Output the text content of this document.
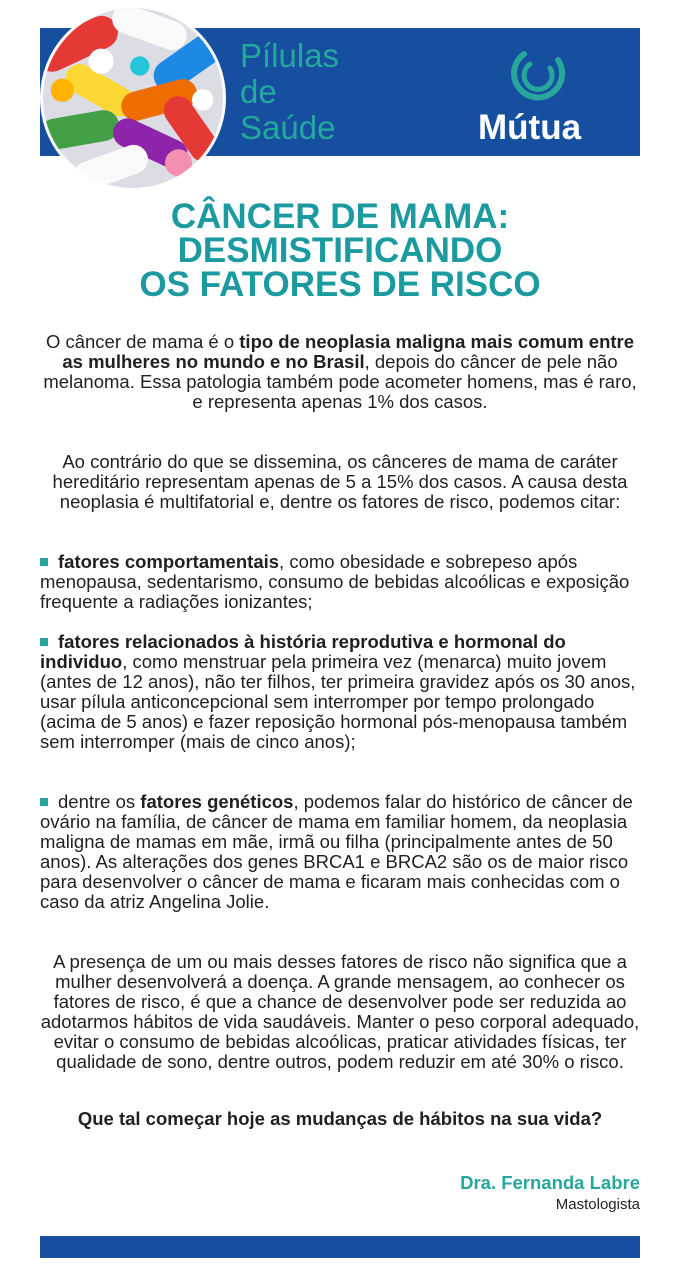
Pílulas
de
Saúde	Mútua
CÂNCER DE MAMA:
DESMISTIFICANDO
OS FATORES DE RISCO

O câncer de mama é o tipo de neoplasia maligna mais comum entre as mulheres no mundo e no Brasil, depois do câncer de pele não melanoma. Essa patologia também pode acometer homens, mas é raro, e representa apenas 1% dos casos.

Ao contrário do que se dissemina, os cânceres de mama de caráter hereditário representam apenas de 5 a 15% dos casos. A causa desta neoplasia é multifatorial e, dentre os fatores de risco, podemos citar:

fatores comportamentais, como obesidade e sobrepeso após menopausa, sedentarismo, consumo de bebidas alcoólicas e exposição frequente a radiações ionizantes;

fatores relacionados à história reprodutiva e hormonal do individuo, como menstruar pela primeira vez (menarca) muito jovem (antes de 12 anos), não ter filhos, ter primeira gravidez após os 30 anos, usar pílula anticoncepcional sem interromper por tempo prolongado (acima de 5 anos) e fazer reposição hormonal pós-menopausa também sem interromper (mais de cinco anos);

dentre os fatores genéticos, podemos falar do histórico de câncer de ovário na família, de câncer de mama em familiar homem, da neoplasia maligna de mamas em mãe, irmã ou filha (principalmente antes de 50 anos). As alterações dos genes BRCA1 e BRCA2 são os de maior risco para desenvolver o câncer de mama e ficaram mais conhecidas com o caso da atriz Angelina Jolie.

A presença de um ou mais desses fatores de risco não significa que a mulher desenvolverá a doença. A grande mensagem, ao conhecer os fatores de risco, é que a chance de desenvolver pode ser reduzida ao adotarmos hábitos de vida saudáveis. Manter o peso corporal adequado, evitar o consumo de bebidas alcoólicas, praticar atividades físicas, ter qualidade de sono, dentre outros, podem reduzir em até 30% o risco.

Que tal começar hoje as mudanças de hábitos na sua vida?

Dra. Fernanda Labre
Mastologista
